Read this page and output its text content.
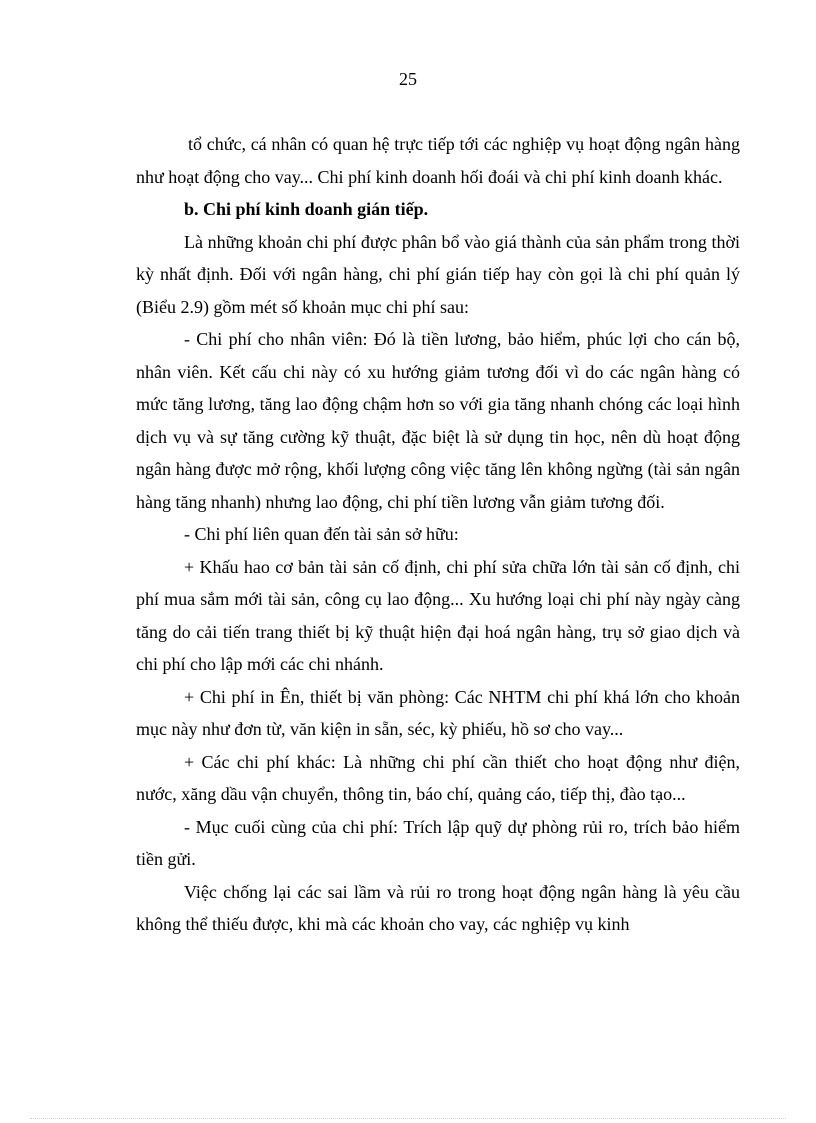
25

tổ chức, cá nhân có quan hệ trực tiếp tới các nghiệp vụ hoạt động ngân hàng như hoạt động cho vay... Chi phí kinh doanh hối đoái và chi phí kinh doanh khác.

b. Chi phí kinh doanh gián tiếp.

Là những khoản chi phí được phân bổ vào giá thành của sản phẩm trong thời kỳ nhất định. Đối với ngân hàng, chi phí gián tiếp hay còn gọi là chi phí quản lý (Biểu 2.9) gồm mét số khoản mục chi phí sau:

- Chi phí cho nhân viên: Đó là tiền lương, bảo hiểm, phúc lợi cho cán bộ, nhân viên. Kết cấu chi này có xu hướng giảm tương đối vì do các ngân hàng có mức tăng lương, tăng lao động chậm hơn so với gia tăng nhanh chóng các loại hình dịch vụ và sự tăng cường kỹ thuật, đặc biệt là sử dụng tin học, nên dù hoạt động ngân hàng được mở rộng, khối lượng công việc tăng lên không ngừng (tài sản ngân hàng tăng nhanh) nhưng lao động, chi phí tiền lương vẫn giảm tương đối.

- Chi phí liên quan đến tài sản sở hữu:

+ Khấu hao cơ bản tài sản cố định, chi phí sửa chữa lớn tài sản cố định, chi phí mua sắm mới tài sản, công cụ lao động... Xu hướng loại chi phí này ngày càng tăng do cải tiến trang thiết bị kỹ thuật hiện đại hoá ngân hàng, trụ sở giao dịch và chi phí cho lập mới các chi nhánh.

+ Chi phí in Ên, thiết bị văn phòng: Các NHTM chi phí khá lớn cho khoản mục này như đơn từ, văn kiện in sẵn, séc, kỳ phiếu, hồ sơ cho vay...

+ Các chi phí khác: Là những chi phí cần thiết cho hoạt động như điện, nước, xăng dầu vận chuyển, thông tin, báo chí, quảng cáo, tiếp thị, đào tạo...

- Mục cuối cùng của chi phí: Trích lập quỹ dự phòng rủi ro, trích bảo hiểm tiền gửi.

Việc chống lại các sai lầm và rủi ro trong hoạt động ngân hàng là yêu cầu không thể thiếu được, khi mà các khoản cho vay, các nghiệp vụ kinh
